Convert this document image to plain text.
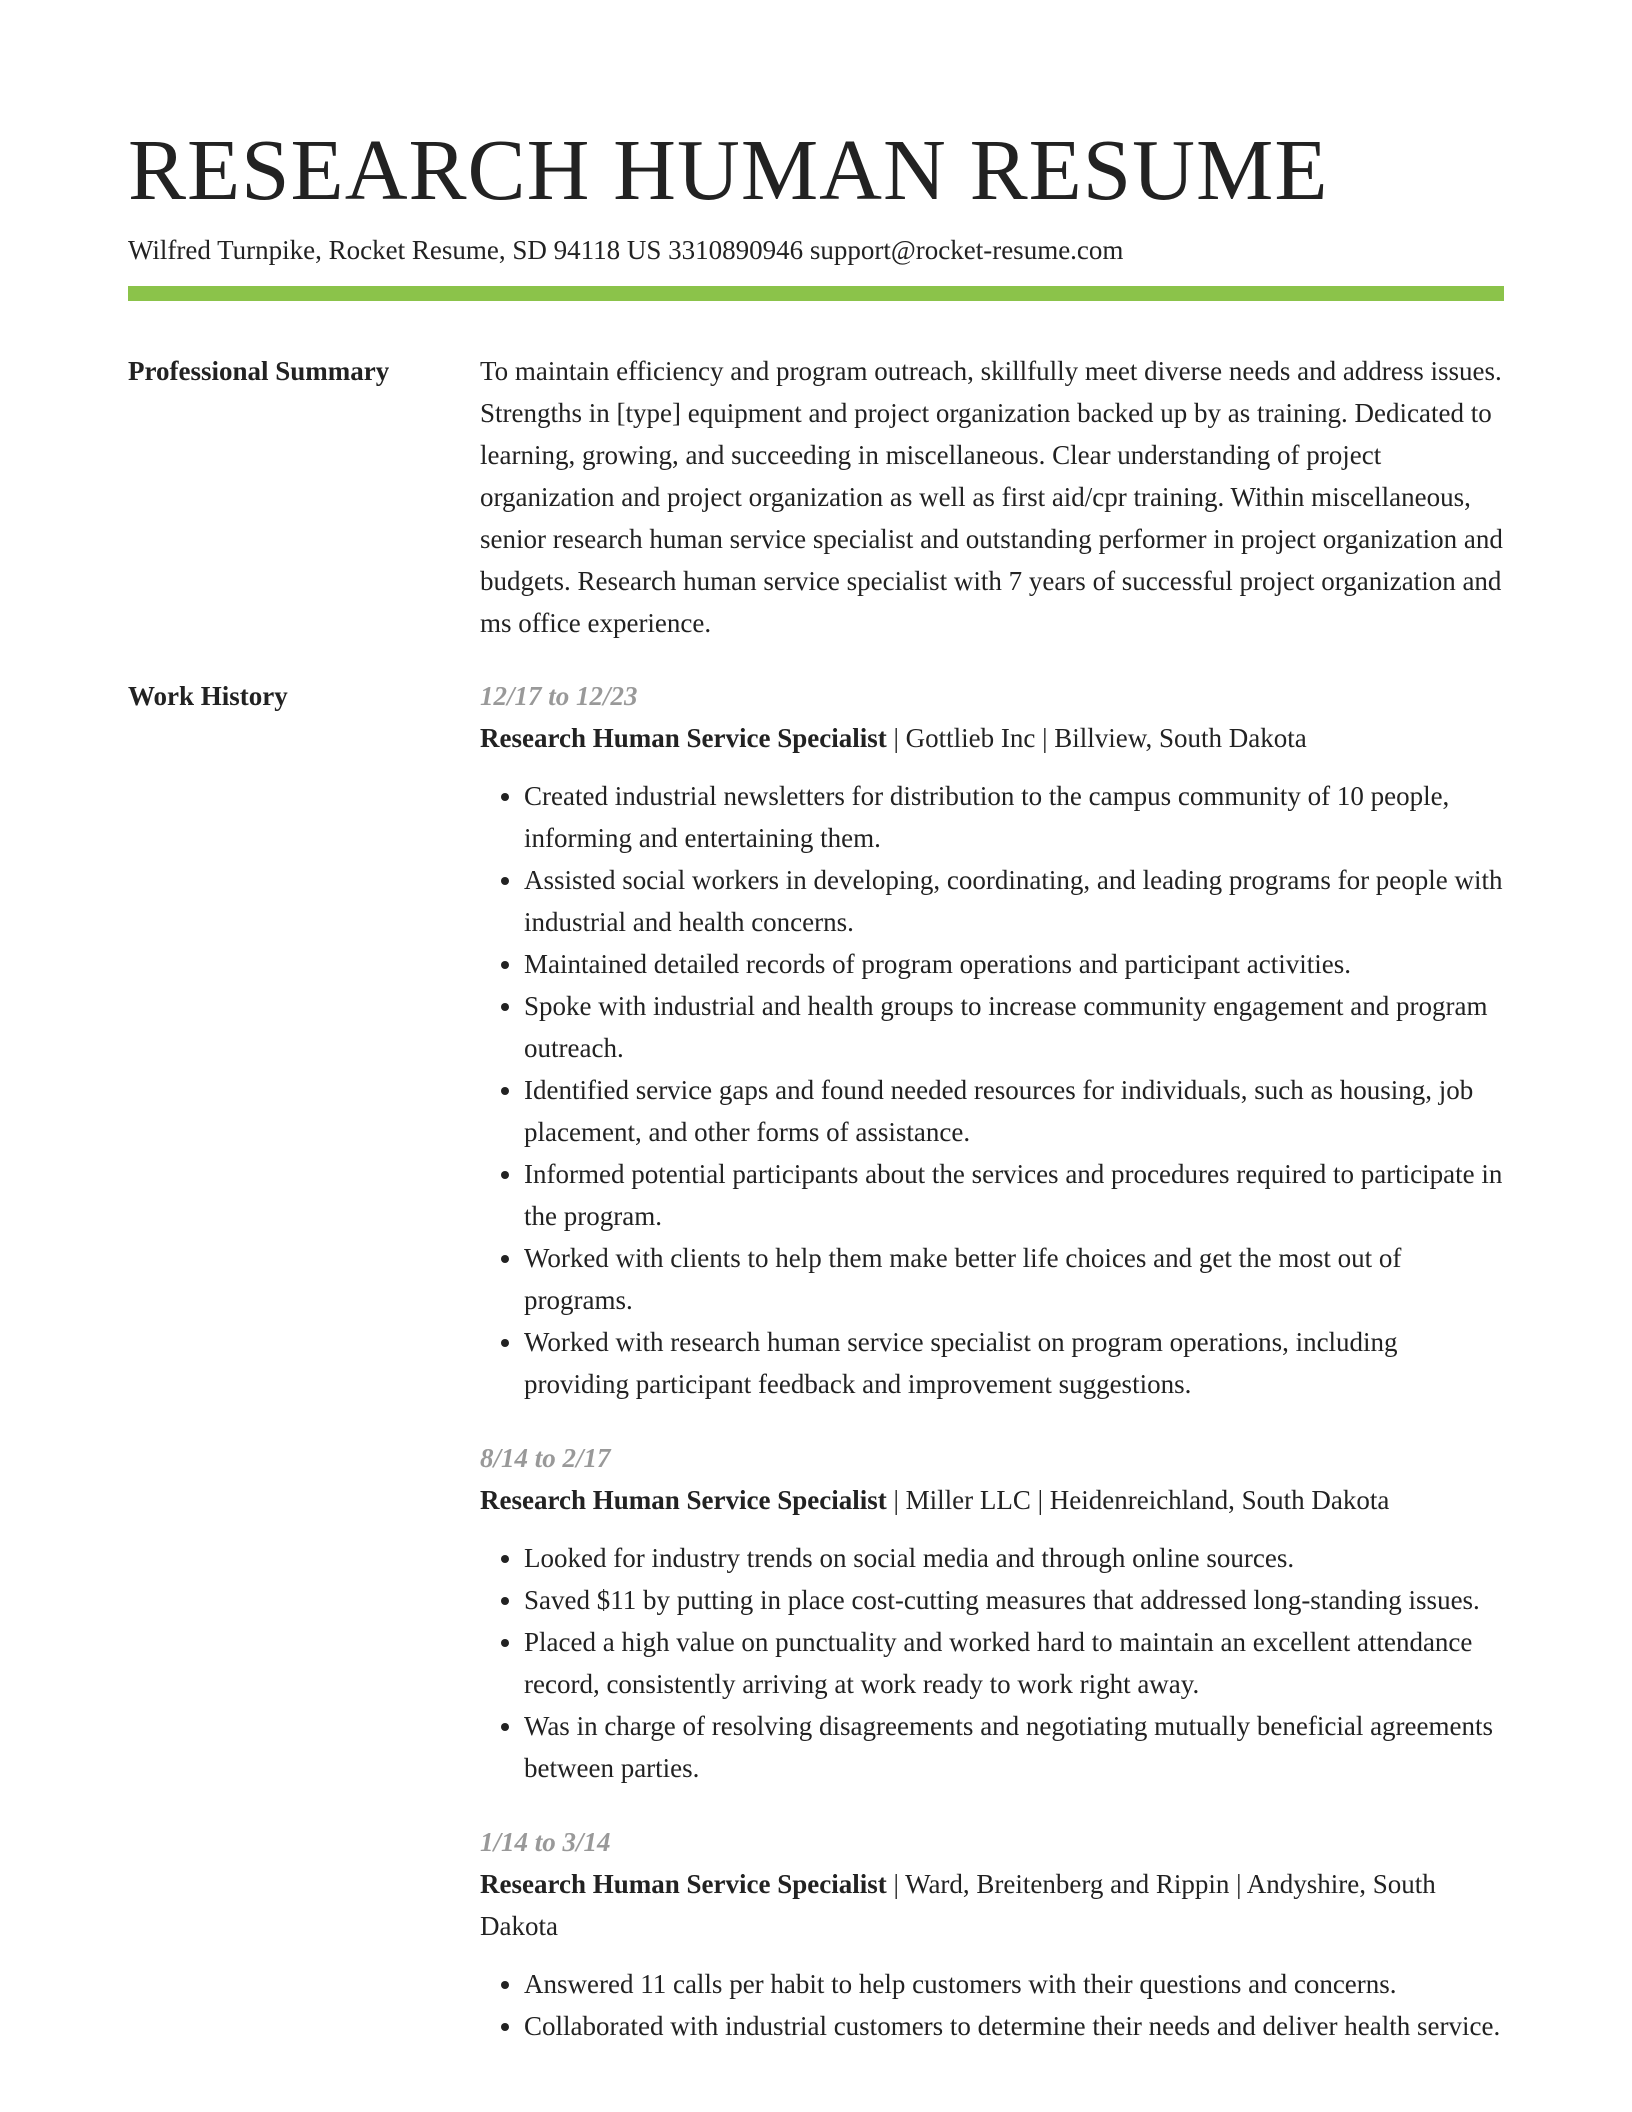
RESEARCH HUMAN RESUME
Wilfred Turnpike, Rocket Resume, SD 94118 US 3310890946 support@rocket-resume.com
Professional Summary	To maintain efficiency and program outreach, skillfully meet diverse needs and address issues. Strengths in [type] equipment and project organization backed up by as training. Dedicated to learning, growing, and succeeding in miscellaneous. Clear understanding of project organization and project organization as well as first aid/cpr training. Within miscellaneous, senior research human service specialist and outstanding performer in project organization and budgets. Research human service specialist with 7 years of successful project organization and ms office experience.

Work History	12/17 to 12/23
Research Human Service Specialist | Gottlieb Inc | Billview, South Dakota
• Created industrial newsletters for distribution to the campus community of 10 people, informing and entertaining them.
• Assisted social workers in developing, coordinating, and leading programs for people with industrial and health concerns.
• Maintained detailed records of program operations and participant activities.
• Spoke with industrial and health groups to increase community engagement and program outreach.
• Identified service gaps and found needed resources for individuals, such as housing, job placement, and other forms of assistance.
• Informed potential participants about the services and procedures required to participate in the program.
• Worked with clients to help them make better life choices and get the most out of programs.
• Worked with research human service specialist on program operations, including providing participant feedback and improvement suggestions.
8/14 to 2/17
Research Human Service Specialist | Miller LLC | Heidenreichland, South Dakota
• Looked for industry trends on social media and through online sources.
• Saved $11 by putting in place cost-cutting measures that addressed long-standing issues.
• Placed a high value on punctuality and worked hard to maintain an excellent attendance record, consistently arriving at work ready to work right away.
• Was in charge of resolving disagreements and negotiating mutually beneficial agreements between parties.
1/14 to 3/14
Research Human Service Specialist | Ward, Breitenberg and Rippin | Andyshire, South Dakota
• Answered 11 calls per habit to help customers with their questions and concerns.
• Collaborated with industrial customers to determine their needs and deliver health service.
